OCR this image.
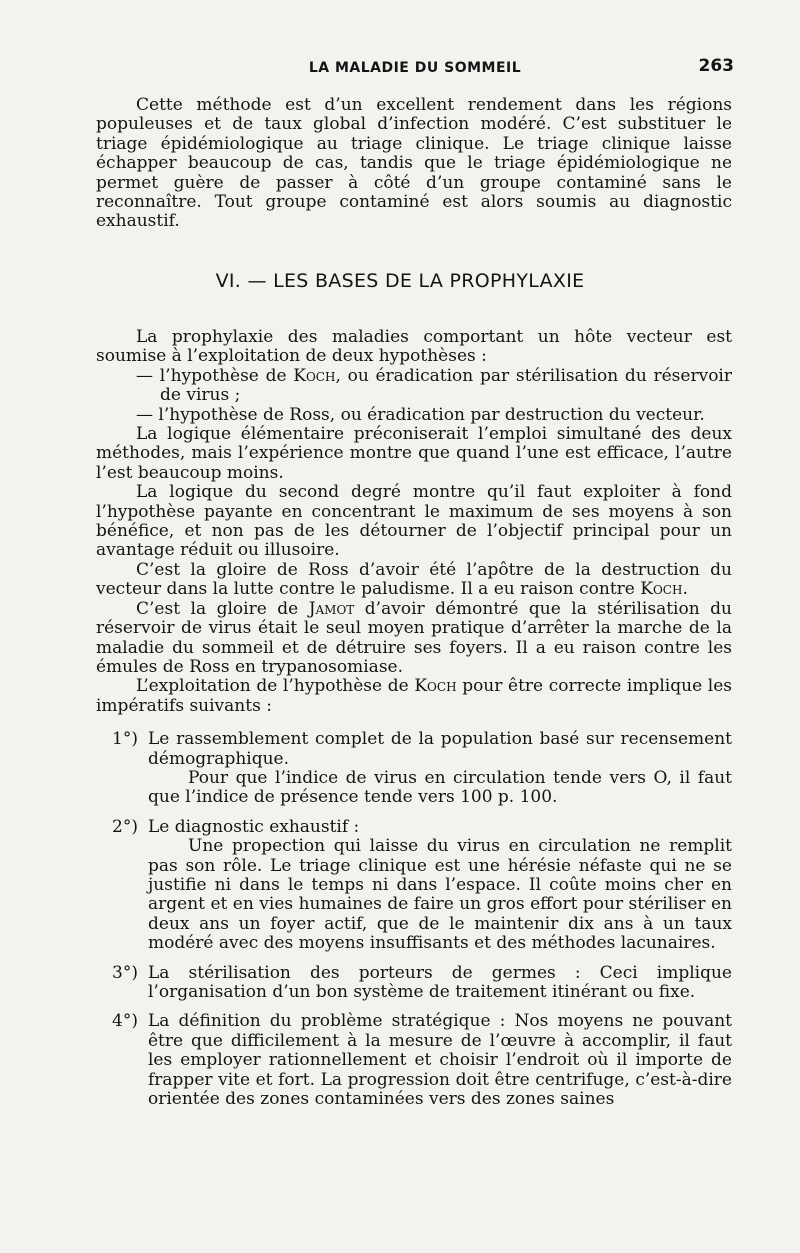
LA MALADIE DU SOMMEIL	263

Cette méthode est d’un excellent rendement dans les régions populeuses et de taux global d’infection modéré. C’est substituer le triage épidémiologique au triage clinique. Le triage clinique laisse échapper beaucoup de cas, tandis que le triage épidémiologique ne permet guère de passer à côté d’un groupe contaminé sans le reconnaître. Tout groupe contaminé est alors soumis au diagnostic exhaustif.

VI. — LES BASES DE LA PROPHYLAXIE

La prophylaxie des maladies comportant un hôte vecteur est soumise à l’exploitation de deux hypothèses :

— l’hypothèse de Koch, ou éradication par stérilisation du réservoir de virus ;

— l’hypothèse de Ross, ou éradication par destruction du vecteur.

La logique élémentaire préconiserait l’emploi simultané des deux méthodes, mais l’expérience montre que quand l’une est efficace, l’autre l’est beaucoup moins.

La logique du second degré montre qu’il faut exploiter à fond l’hypothèse payante en concentrant le maximum de ses moyens à son bénéfice, et non pas de les détourner de l’objectif principal pour un avantage réduit ou illusoire.

C’est la gloire de Ross d’avoir été l’apôtre de la destruction du vecteur dans la lutte contre le paludisme. Il a eu raison contre Koch.

C’est la gloire de Jamot d’avoir démontré que la stérilisation du réservoir de virus était le seul moyen pratique d’arrêter la marche de la maladie du sommeil et de détruire ses foyers. Il a eu raison contre les émules de Ross en trypanosomiase.

L’exploitation de l’hypothèse de Koch pour être correcte implique les impératifs suivants :

1°) Le rassemblement complet de la population basé sur recensement démographique.

Pour que l’indice de virus en circulation tende vers O, il faut que l’indice de présence tende vers 100 p. 100.

2°) Le diagnostic exhaustif :

Une propection qui laisse du virus en circulation ne remplit pas son rôle. Le triage clinique est une hérésie néfaste qui ne se justifie ni dans le temps ni dans l’espace. Il coûte moins cher en argent et en vies humaines de faire un gros effort pour stériliser en deux ans un foyer actif, que de le maintenir dix ans à un taux modéré avec des moyens insuffisants et des méthodes lacunaires.

3°) La stérilisation des porteurs de germes : Ceci implique l’organisation d’un bon système de traitement itinérant ou fixe.

4°) La définition du problème stratégique : Nos moyens ne pouvant être que difficilement à la mesure de l’œuvre à accomplir, il faut les employer rationnellement et choisir l’endroit où il importe de frapper vite et fort. La progression doit être centrifuge, c’est-à-dire orientée des zones contaminées vers des zones saines
